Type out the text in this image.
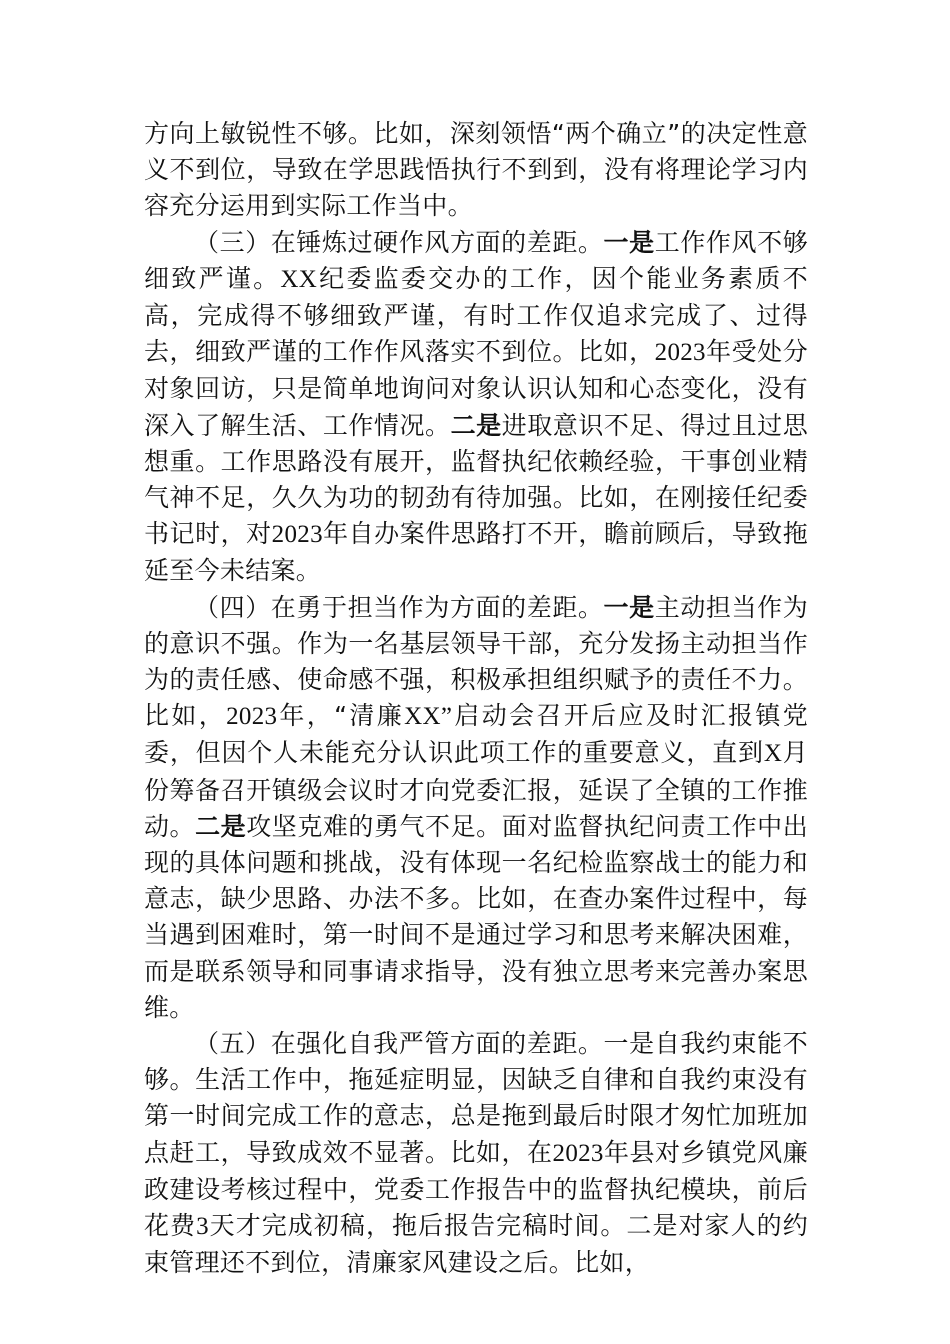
方向上敏锐性不够。比如，深刻领悟“两个确立”的决定性意义不到位，导致在学思践悟执行不到到，没有将理论学习内容充分运用到实际工作当中。

（三）在锤炼过硬作风方面的差距。一是工作作风不够细致严谨。XX纪委监委交办的工作，因个能业务素质不高，完成得不够细致严谨，有时工作仅追求完成了、过得去，细致严谨的工作作风落实不到位。比如，2023年受处分对象回访，只是简单地询问对象认识认知和心态变化，没有深入了解生活、工作情况。二是进取意识不足、得过且过思想重。工作思路没有展开，监督执纪依赖经验，干事创业精气神不足，久久为功的韧劲有待加强。比如，在刚接任纪委书记时，对2023年自办案件思路打不开，瞻前顾后，导致拖延至今未结案。

（四）在勇于担当作为方面的差距。一是主动担当作为的意识不强。作为一名基层领导干部，充分发扬主动担当作为的责任感、使命感不强，积极承担组织赋予的责任不力。比如，2023年，“清廉XX”启动会召开后应及时汇报镇党委，但因个人未能充分认识此项工作的重要意义，直到X月份筹备召开镇级会议时才向党委汇报，延误了全镇的工作推动。二是攻坚克难的勇气不足。面对监督执纪问责工作中出现的具体问题和挑战，没有体现一名纪检监察战士的能力和意志，缺少思路、办法不多。比如，在查办案件过程中，每当遇到困难时，第一时间不是通过学习和思考来解决困难，而是联系领导和同事请求指导，没有独立思考来完善办案思维。

（五）在强化自我严管方面的差距。一是自我约束能不够。生活工作中，拖延症明显，因缺乏自律和自我约束没有第一时间完成工作的意志，总是拖到最后时限才匆忙加班加点赶工，导致成效不显著。比如，在2023年县对乡镇党风廉政建设考核过程中，党委工作报告中的监督执纪模块，前后花费3天才完成初稿，拖后报告完稿时间。二是对家人的约束管理还不到位，清廉家风建设之后。比如，
